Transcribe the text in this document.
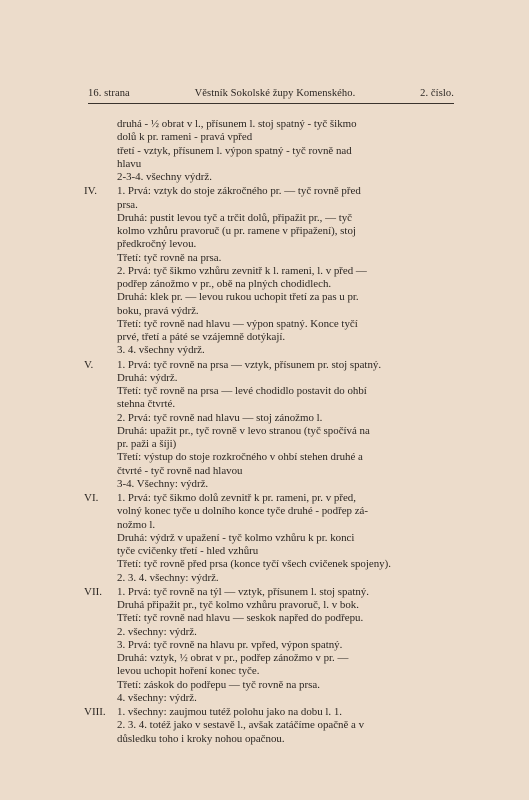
16. strana	Věstník Sokolské župy Komenského.	2. číslo.
druhá - ½ obrat v l., přísunem l. stoj spatný - tyč šikmo
dolů k pr. rameni - pravá vpřed
třetí - vztyk, přísunem l. výpon spatný - tyč rovně nad
hlavu
2-3-4. všechny výdrž.
IV.	1. Prvá: vztyk do stoje zákročného pr. — tyč rovně před
prsa.
Druhá: pustit levou tyč a trčit dolů, připažit pr., — tyč
kolmo vzhůru pravoruč (u pr. ramene v připažení), stoj
předkročný levou.
Třetí: tyč rovně na prsa.
2. Prvá: tyč šikmo vzhůru zevnitř k l. rameni, l. v před —
podřep zánožmo v pr., obě na plných chodidlech.
Druhá: klek pr. — levou rukou uchopit třetí za pas u pr.
boku, pravá výdrž.
Třetí: tyč rovně nad hlavu — výpon spatný. Konce tyčí
prvé, třetí a páté se vzájemně dotýkají.
3. 4. všechny výdrž.
V.	1. Prvá: tyč rovně na prsa — vztyk, přísunem pr. stoj spatný.
Druhá: výdrž.
Třetí: tyč rovně na prsa — levé chodidlo postavit do ohbí
stehna čtvrté.
2. Prvá: tyč rovně nad hlavu — stoj zánožmo l.
Druhá: upažit pr., tyč rovně v levo stranou (tyč spočívá na
pr. paži a šíji)
Třetí: výstup do stoje rozkročného v ohbí stehen druhé a
čtvrté - tyč rovně nad hlavou
3-4. Všechny: výdrž.
VI.	1. Prvá: tyč šikmo dolů zevnitř k pr. rameni, pr. v před,
volný konec tyče u dolního konce tyče druhé - podřep zá-
nožmo l.
Druhá: výdrž v upažení - tyč kolmo vzhůru k pr. konci
tyče cvičenky třetí - hled vzhůru
Třetí: tyč rovně před prsa (konce tyčí všech cvičenek spojeny).
2. 3. 4. všechny: výdrž.
VII.	1. Prvá: tyč rovně na týl — vztyk, přísunem l. stoj spatný.
Druhá připažit pr., tyč kolmo vzhůru pravoruč, l. v bok.
Třetí: tyč rovně nad hlavu — seskok napřed do podřepu.
2. všechny: výdrž.
3. Prvá: tyč rovně na hlavu pr. vpřed, výpon spatný.
Druhá: vztyk, ½ obrat v pr., podřep zánožmo v pr. —
levou uchopit hoření konec tyče.
Třetí: záskok do podřepu — tyč rovně na prsa.
4. všechny: výdrž.
VIII.	1. všechny: zaujmou tutéž polohu jako na dobu l. 1.
2. 3. 4. totéž jako v sestavě l., avšak zatáčíme opačně a v
důsledku toho i kroky nohou opačnou.
